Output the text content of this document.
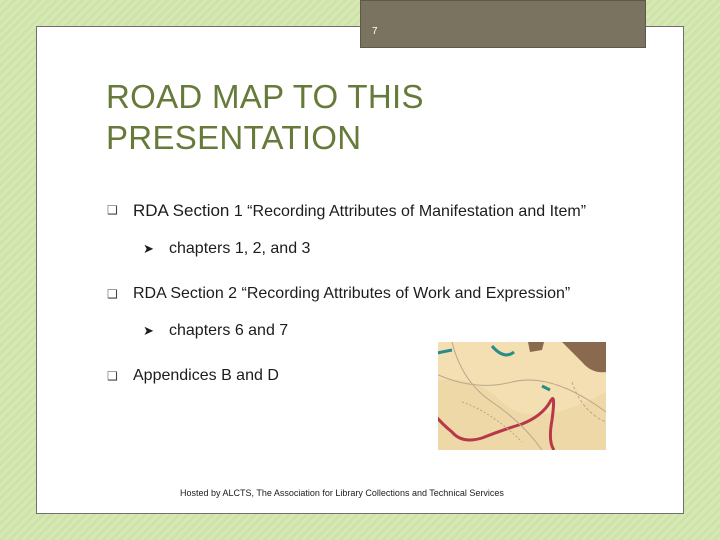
7
ROAD MAP TO THIS PRESENTATION
❑ RDA Section 1 “Recording Attributes of Manifestation and Item”
➤ chapters 1, 2, and 3
❑ RDA Section 2 “Recording Attributes of Work and Expression”
➤ chapters 6 and 7
❑ Appendices B and D
Hosted by ALCTS, The Association for Library Collections and Technical Services
